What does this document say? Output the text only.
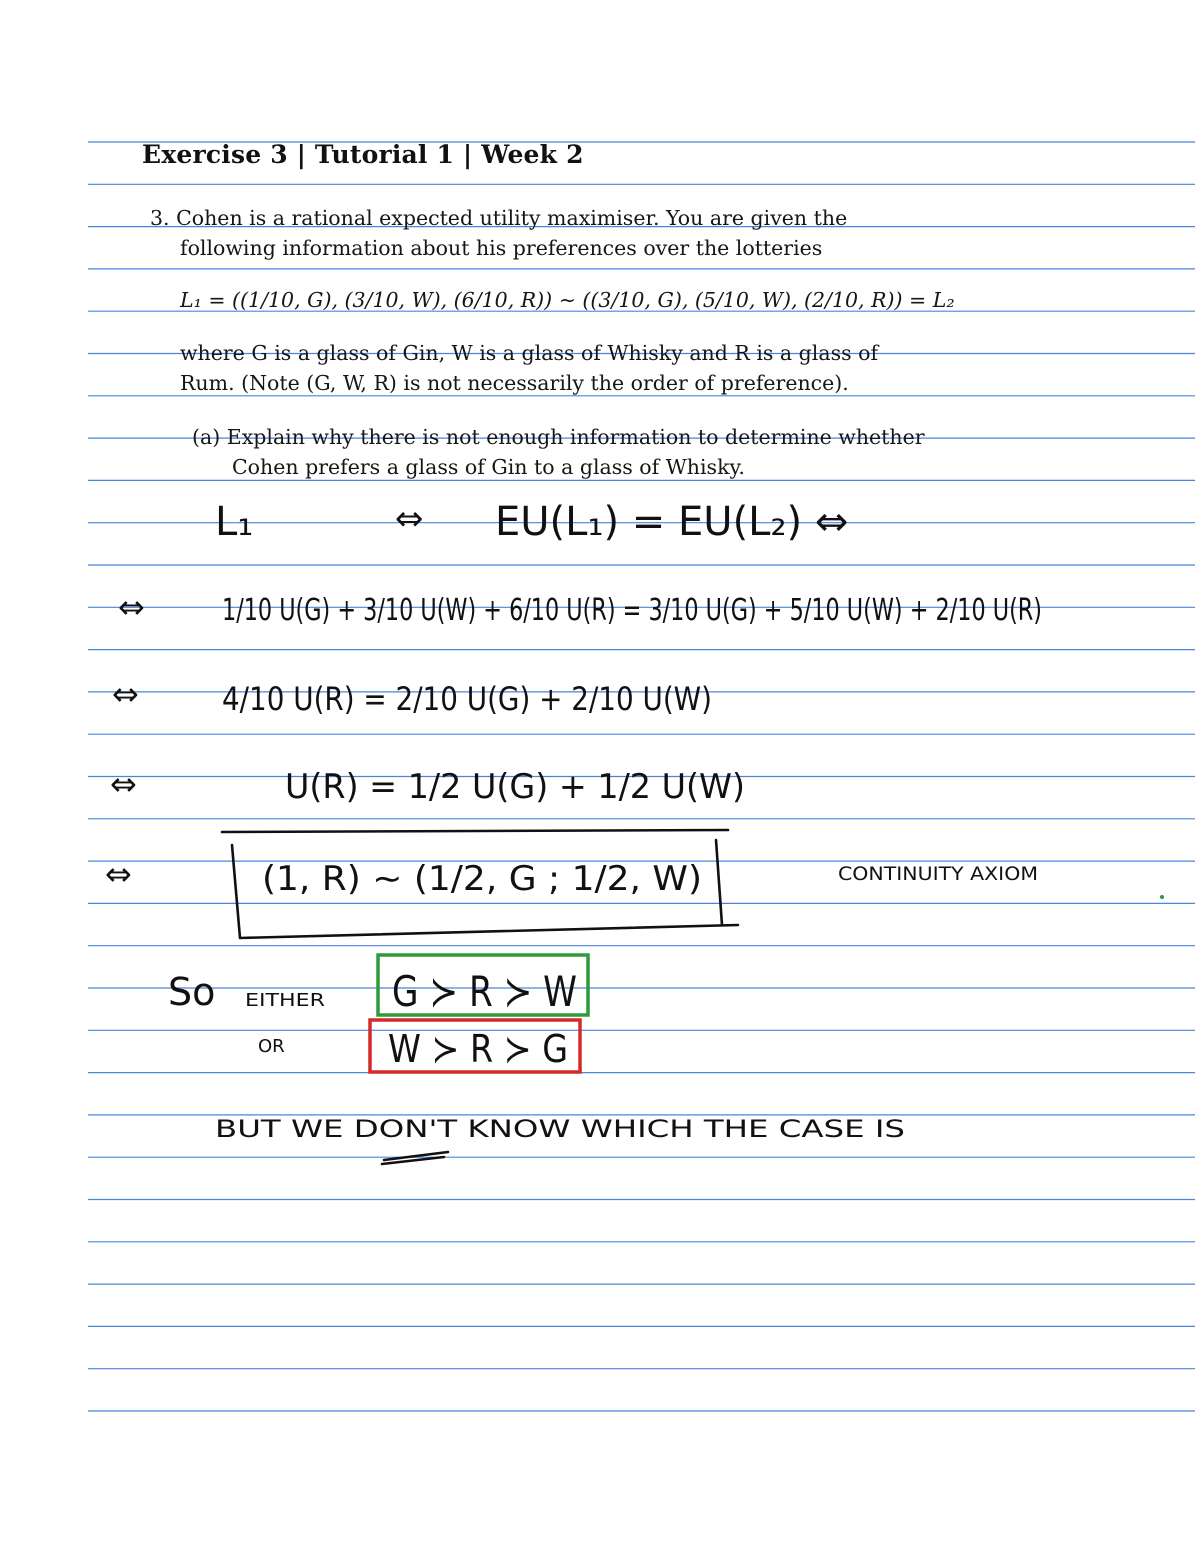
Exercise 3 | Tutorial 1 | Week 2
3. Cohen is a rational expected utility maximiser. You are given the
following information about his preferences over the lotteries
L₁ = ((1/10, G), (3/10, W), (6/10, R)) ∼ ((3/10, G), (5/10, W), (2/10, R)) = L₂
where G is a glass of Gin, W is a glass of Whisky and R is a glass of
Rum. (Note (G, W, R) is not necessarily the order of preference).
(a) Explain why there is not enough information to determine whether
Cohen prefers a glass of Gin to a glass of Whisky.
L₁	⇔ EU(L₁) = EU(L₂) ⇔
⇔	1/10 U(G) + 3/10 U(W) + 6/10 U(R) = 3/10 U(G) + 5/10 U(W) + 2/10 U(R)
⇔	4/10 U(R) = 2/10 U(G) + 2/10 U(W)
⇔	U(R) = 1/2 U(G) + 1/2 U(W)
⇔	(1, R) ∼ (1/2, G ; 1/2, W)	CONTINUITY AXIOM
So EITHER
OR
G ≻ R ≻ W
W ≻ R ≻ G
BUT WE DON'T KNOW WHICH THE CASE IS
